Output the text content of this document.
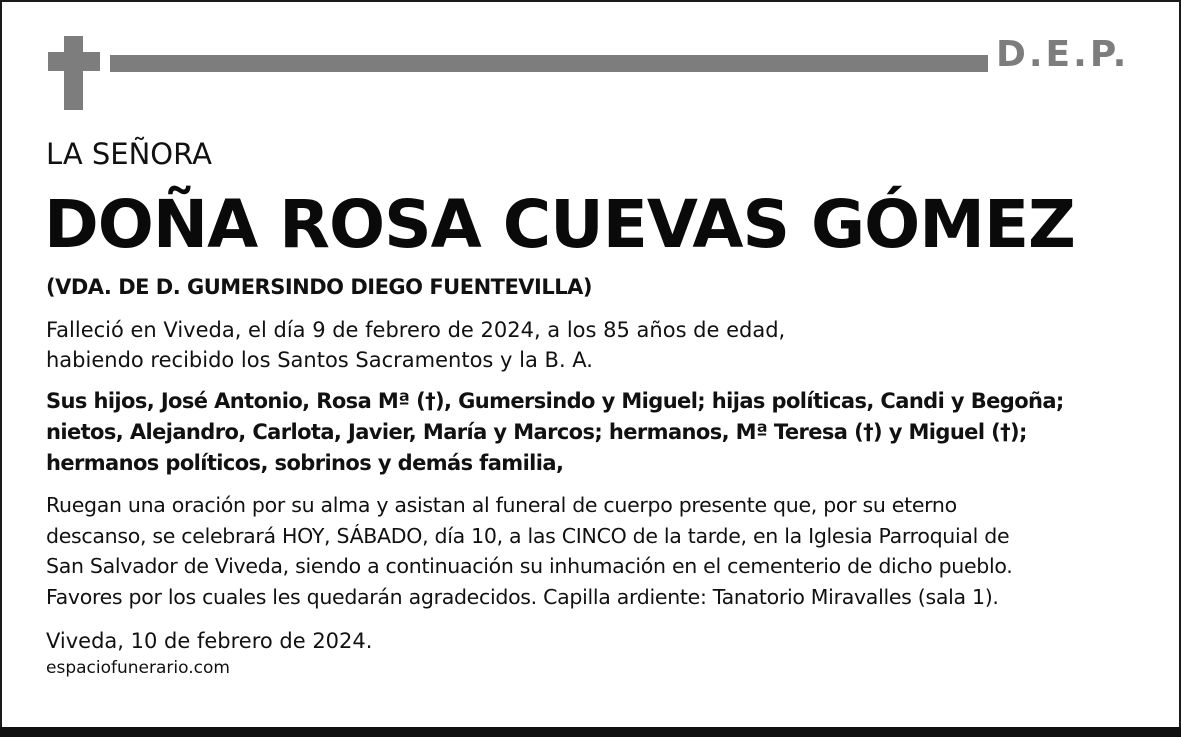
D.E.P.
LA SEÑORA
DOÑA ROSA CUEVAS GÓMEZ
(VDA. DE D. GUMERSINDO DIEGO FUENTEVILLA)
Falleció en Viveda, el día 9 de febrero de 2024, a los 85 años de edad,
habiendo recibido los Santos Sacramentos y la B. A.
Sus hijos, José Antonio, Rosa Mª (†), Gumersindo y Miguel; hijas políticas, Candi y Begoña;
nietos, Alejandro, Carlota, Javier, María y Marcos; hermanos, Mª Teresa (†) y Miguel (†);
hermanos políticos, sobrinos y demás familia,
Ruegan una oración por su alma y asistan al funeral de cuerpo presente que, por su eterno
descanso, se celebrará HOY, SÁBADO, día 10, a las CINCO de la tarde, en la Iglesia Parroquial de
San Salvador de Viveda, siendo a continuación su inhumación en el cementerio de dicho pueblo.
Favores por los cuales les quedarán agradecidos. Capilla ardiente: Tanatorio Miravalles (sala 1).
Viveda, 10 de febrero de 2024.
espaciofunerario.com
